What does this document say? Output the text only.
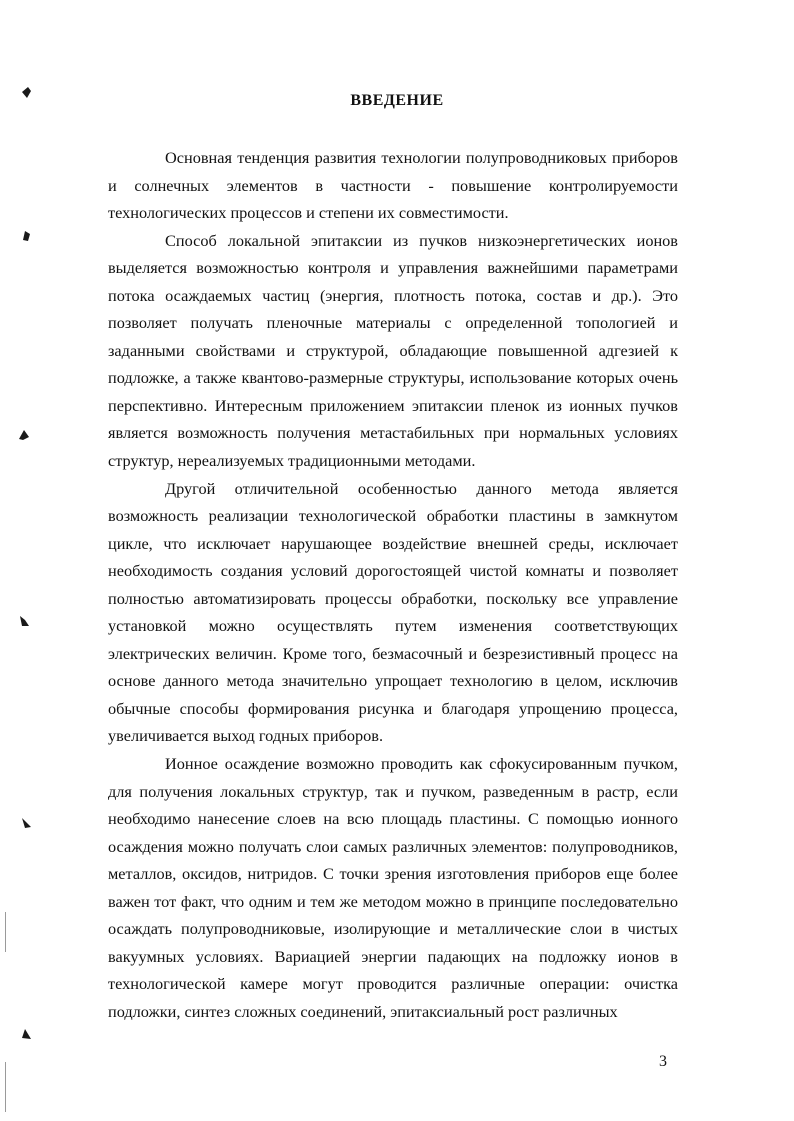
ВВЕДЕНИЕ

Основная тенденция развития технологии полупроводниковых приборов и солнечных элементов в частности - повышение контролируемости технологических процессов и степени их совместимости.

Способ локальной эпитаксии из пучков низкоэнергетических ионов выделяется возможностью контроля и управления важнейшими параметрами потока осаждаемых частиц (энергия, плотность потока, состав и др.). Это позволяет получать пленочные материалы с определенной топологией и заданными свойствами и структурой, обладающие повышенной адгезией к подложке, а также квантово-размерные структуры, использование которых очень перспективно. Интересным приложением эпитаксии пленок из ионных пучков является возможность получения метастабильных при нормальных условиях структур, нереализуемых традиционными методами.

Другой отличительной особенностью данного метода является возможность реализации технологической обработки пластины в замкнутом цикле, что исключает нарушающее воздействие внешней среды, исключает необходимость создания условий дорогостоящей чистой комнаты и позволяет полностью автоматизировать процессы обработки, поскольку все управление установкой можно осуществлять путем изменения соответствующих электрических величин. Кроме того, безмасочный и безрезистивный процесс на основе данного метода значительно упрощает технологию в целом, исключив обычные способы формирования рисунка и благодаря упрощению процесса, увеличивается выход годных приборов.

Ионное осаждение возможно проводить как сфокусированным пучком, для получения локальных структур, так и пучком, разведенным в растр, если необходимо нанесение слоев на всю площадь пластины. С помощью ионного осаждения можно получать слои самых различных элементов: полупроводников, металлов, оксидов, нитридов. С точки зрения изготовления приборов еще более важен тот факт, что одним и тем же методом можно в принципе последовательно осаждать полупроводниковые, изолирующие и металлические слои в чистых вакуумных условиях. Вариацией энергии падающих на подложку ионов в технологической камере могут проводится различные операции: очистка подложки, синтез сложных соединений, эпитаксиальный рост различных

3
